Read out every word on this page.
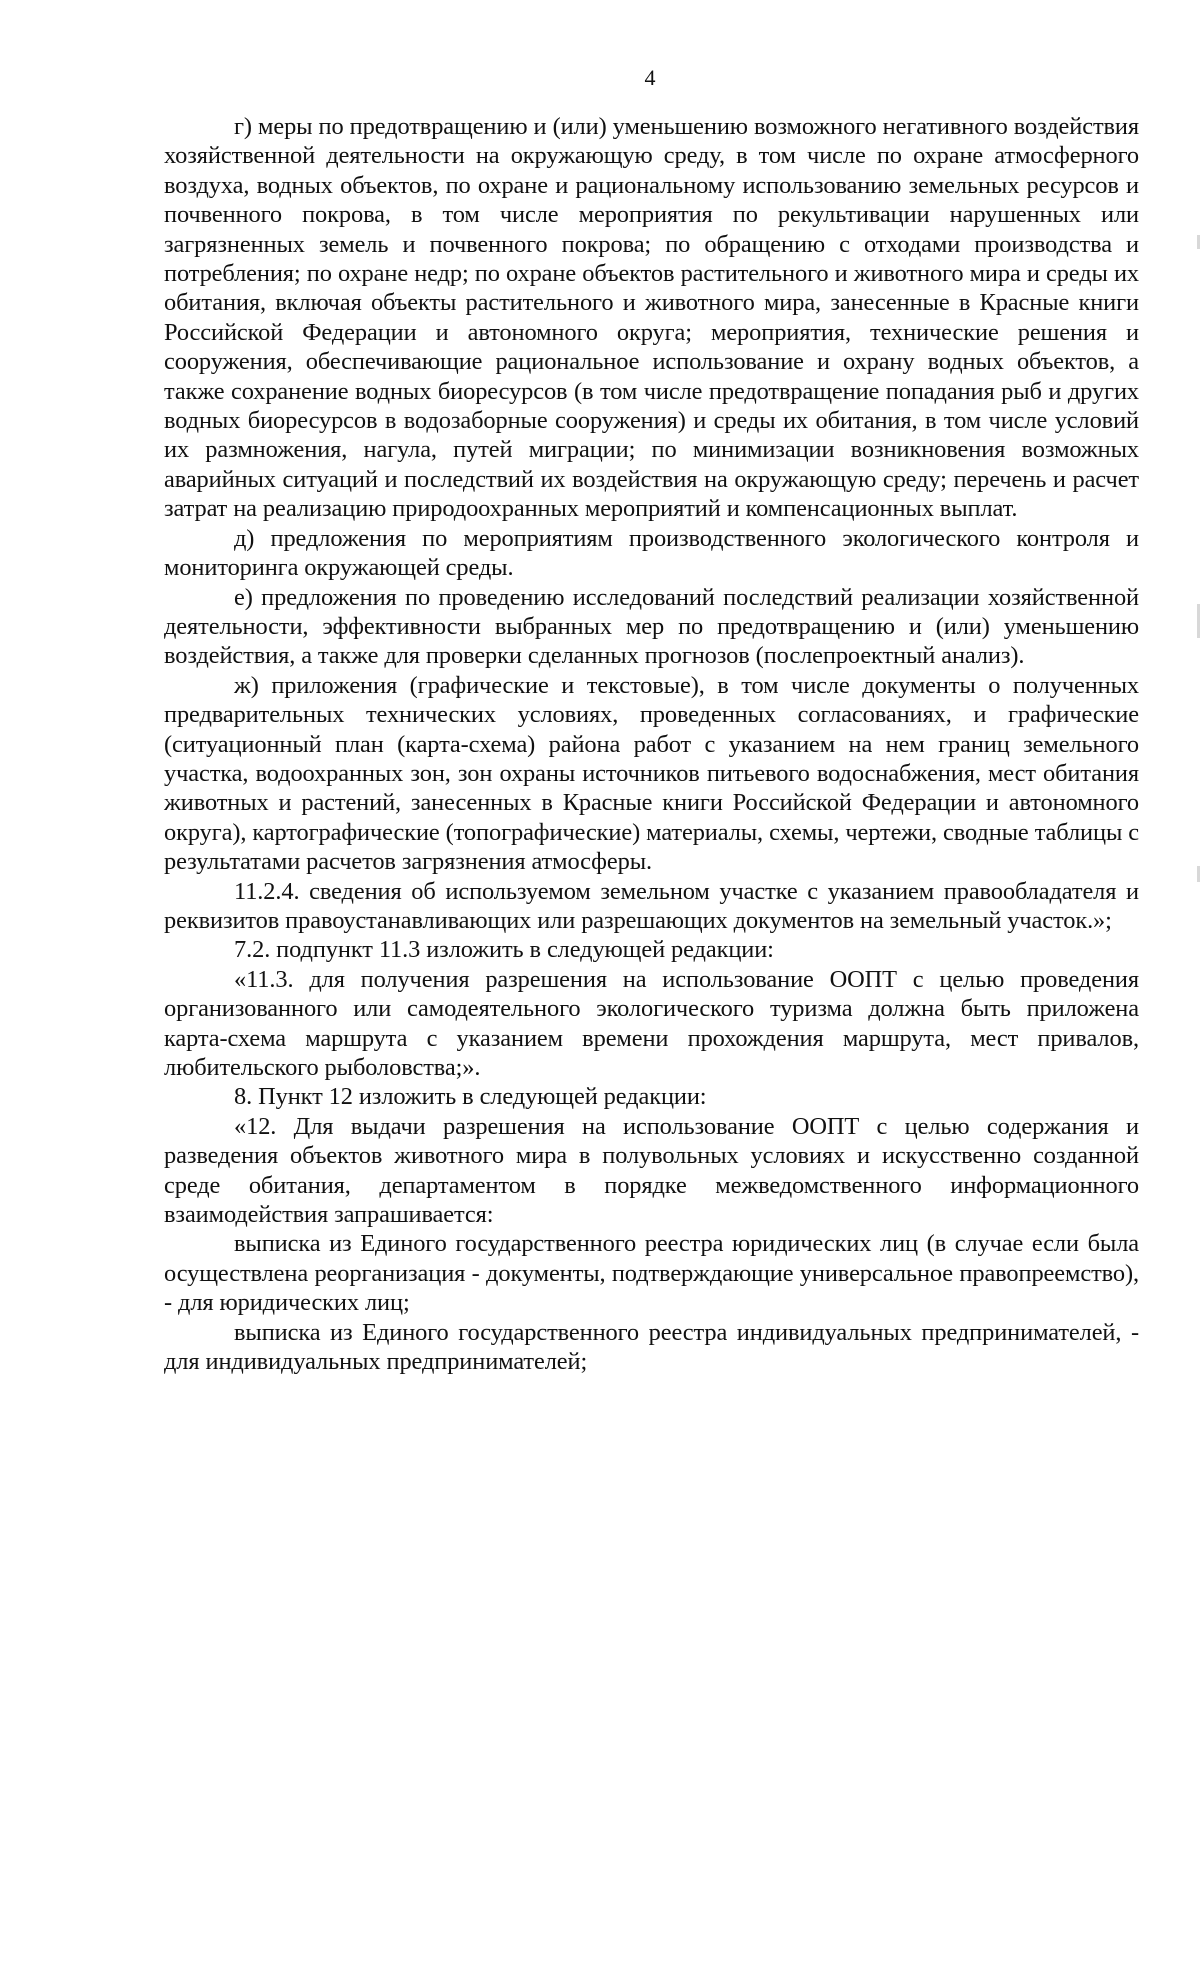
4

г) меры по предотвращению и (или) уменьшению возможного негативного воздействия хозяйственной деятельности на окружающую среду, в том числе по охране атмосферного воздуха, водных объектов, по охране и рациональному использованию земельных ресурсов и почвенного покрова, в том числе мероприятия по рекультивации нарушенных или загрязненных земель и почвенного покрова; по обращению с отходами производства и потребления; по охране недр; по охране объектов растительного и животного мира и среды их обитания, включая объекты растительного и животного мира, занесенные в Красные книги Российской Федерации и автономного округа; мероприятия, технические решения и сооружения, обеспечивающие рациональное использование и охрану водных объектов, а также сохранение водных биоресурсов (в том числе предотвращение попадания рыб и других водных биоресурсов в водозаборные сооружения) и среды их обитания, в том числе условий их размножения, нагула, путей миграции; по минимизации возникновения возможных аварийных ситуаций и последствий их воздействия на окружающую среду; перечень и расчет затрат на реализацию природоохранных мероприятий и компенсационных выплат.

д) предложения по мероприятиям производственного экологического контроля и мониторинга окружающей среды.

е) предложения по проведению исследований последствий реализации хозяйственной деятельности, эффективности выбранных мер по предотвращению и (или) уменьшению воздействия, а также для проверки сделанных прогнозов (послепроектный анализ).

ж) приложения (графические и текстовые), в том числе документы о полученных предварительных технических условиях, проведенных согласованиях, и графические (ситуационный план (карта-схема) района работ с указанием на нем границ земельного участка, водоохранных зон, зон охраны источников питьевого водоснабжения, мест обитания животных и растений, занесенных в Красные книги Российской Федерации и автономного округа), картографические (топографические) материалы, схемы, чертежи, сводные таблицы с результатами расчетов загрязнения атмосферы.

11.2.4. сведения об используемом земельном участке с указанием правообладателя и реквизитов правоустанавливающих или разрешающих документов на земельный участок.»;

7.2. подпункт 11.3 изложить в следующей редакции:

«11.3. для получения разрешения на использование ООПТ с целью проведения организованного или самодеятельного экологического туризма должна быть приложена карта-схема маршрута с указанием времени прохождения маршрута, мест привалов, любительского рыболовства;».

8. Пункт 12 изложить в следующей редакции:

«12. Для выдачи разрешения на использование ООПТ с целью содержания и разведения объектов животного мира в полувольных условиях и искусственно созданной среде обитания, департаментом в порядке межведомственного информационного взаимодействия запрашивается:

выписка из Единого государственного реестра юридических лиц (в случае если была осуществлена реорганизация - документы, подтверждающие универсальное правопреемство), - для юридических лиц;

выписка из Единого государственного реестра индивидуальных предпринимателей, - для индивидуальных предпринимателей;
